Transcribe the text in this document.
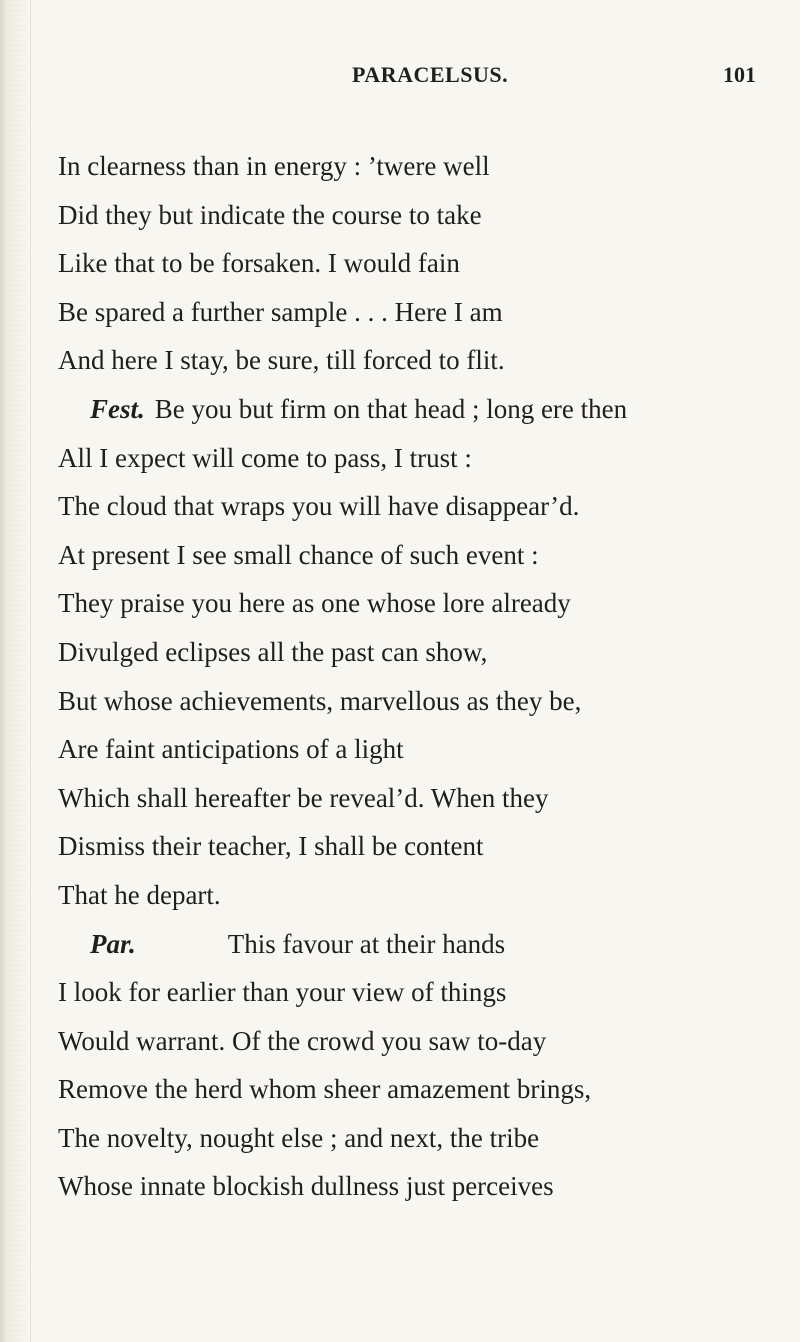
PARACELSUS.	101
In clearness than in energy : ’twere well
Did they but indicate the course to take
Like that to be forsaken. I would fain
Be spared a further sample . . . Here I am
And here I stay, be sure, till forced to flit.
Fest. Be you but firm on that head ; long ere then
All I expect will come to pass, I trust :
The cloud that wraps you will have disappear’d.
At present I see small chance of such event :
They praise you here as one whose lore already
Divulged eclipses all the past can show,
But whose achievements, marvellous as they be,
Are faint anticipations of a light
Which shall hereafter be reveal’d. When they
Dismiss their teacher, I shall be content
That he depart.
Par.	This favour at their hands
I look for earlier than your view of things
Would warrant. Of the crowd you saw to-day
Remove the herd whom sheer amazement brings,
The novelty, nought else ; and next, the tribe
Whose innate blockish dullness just perceives
